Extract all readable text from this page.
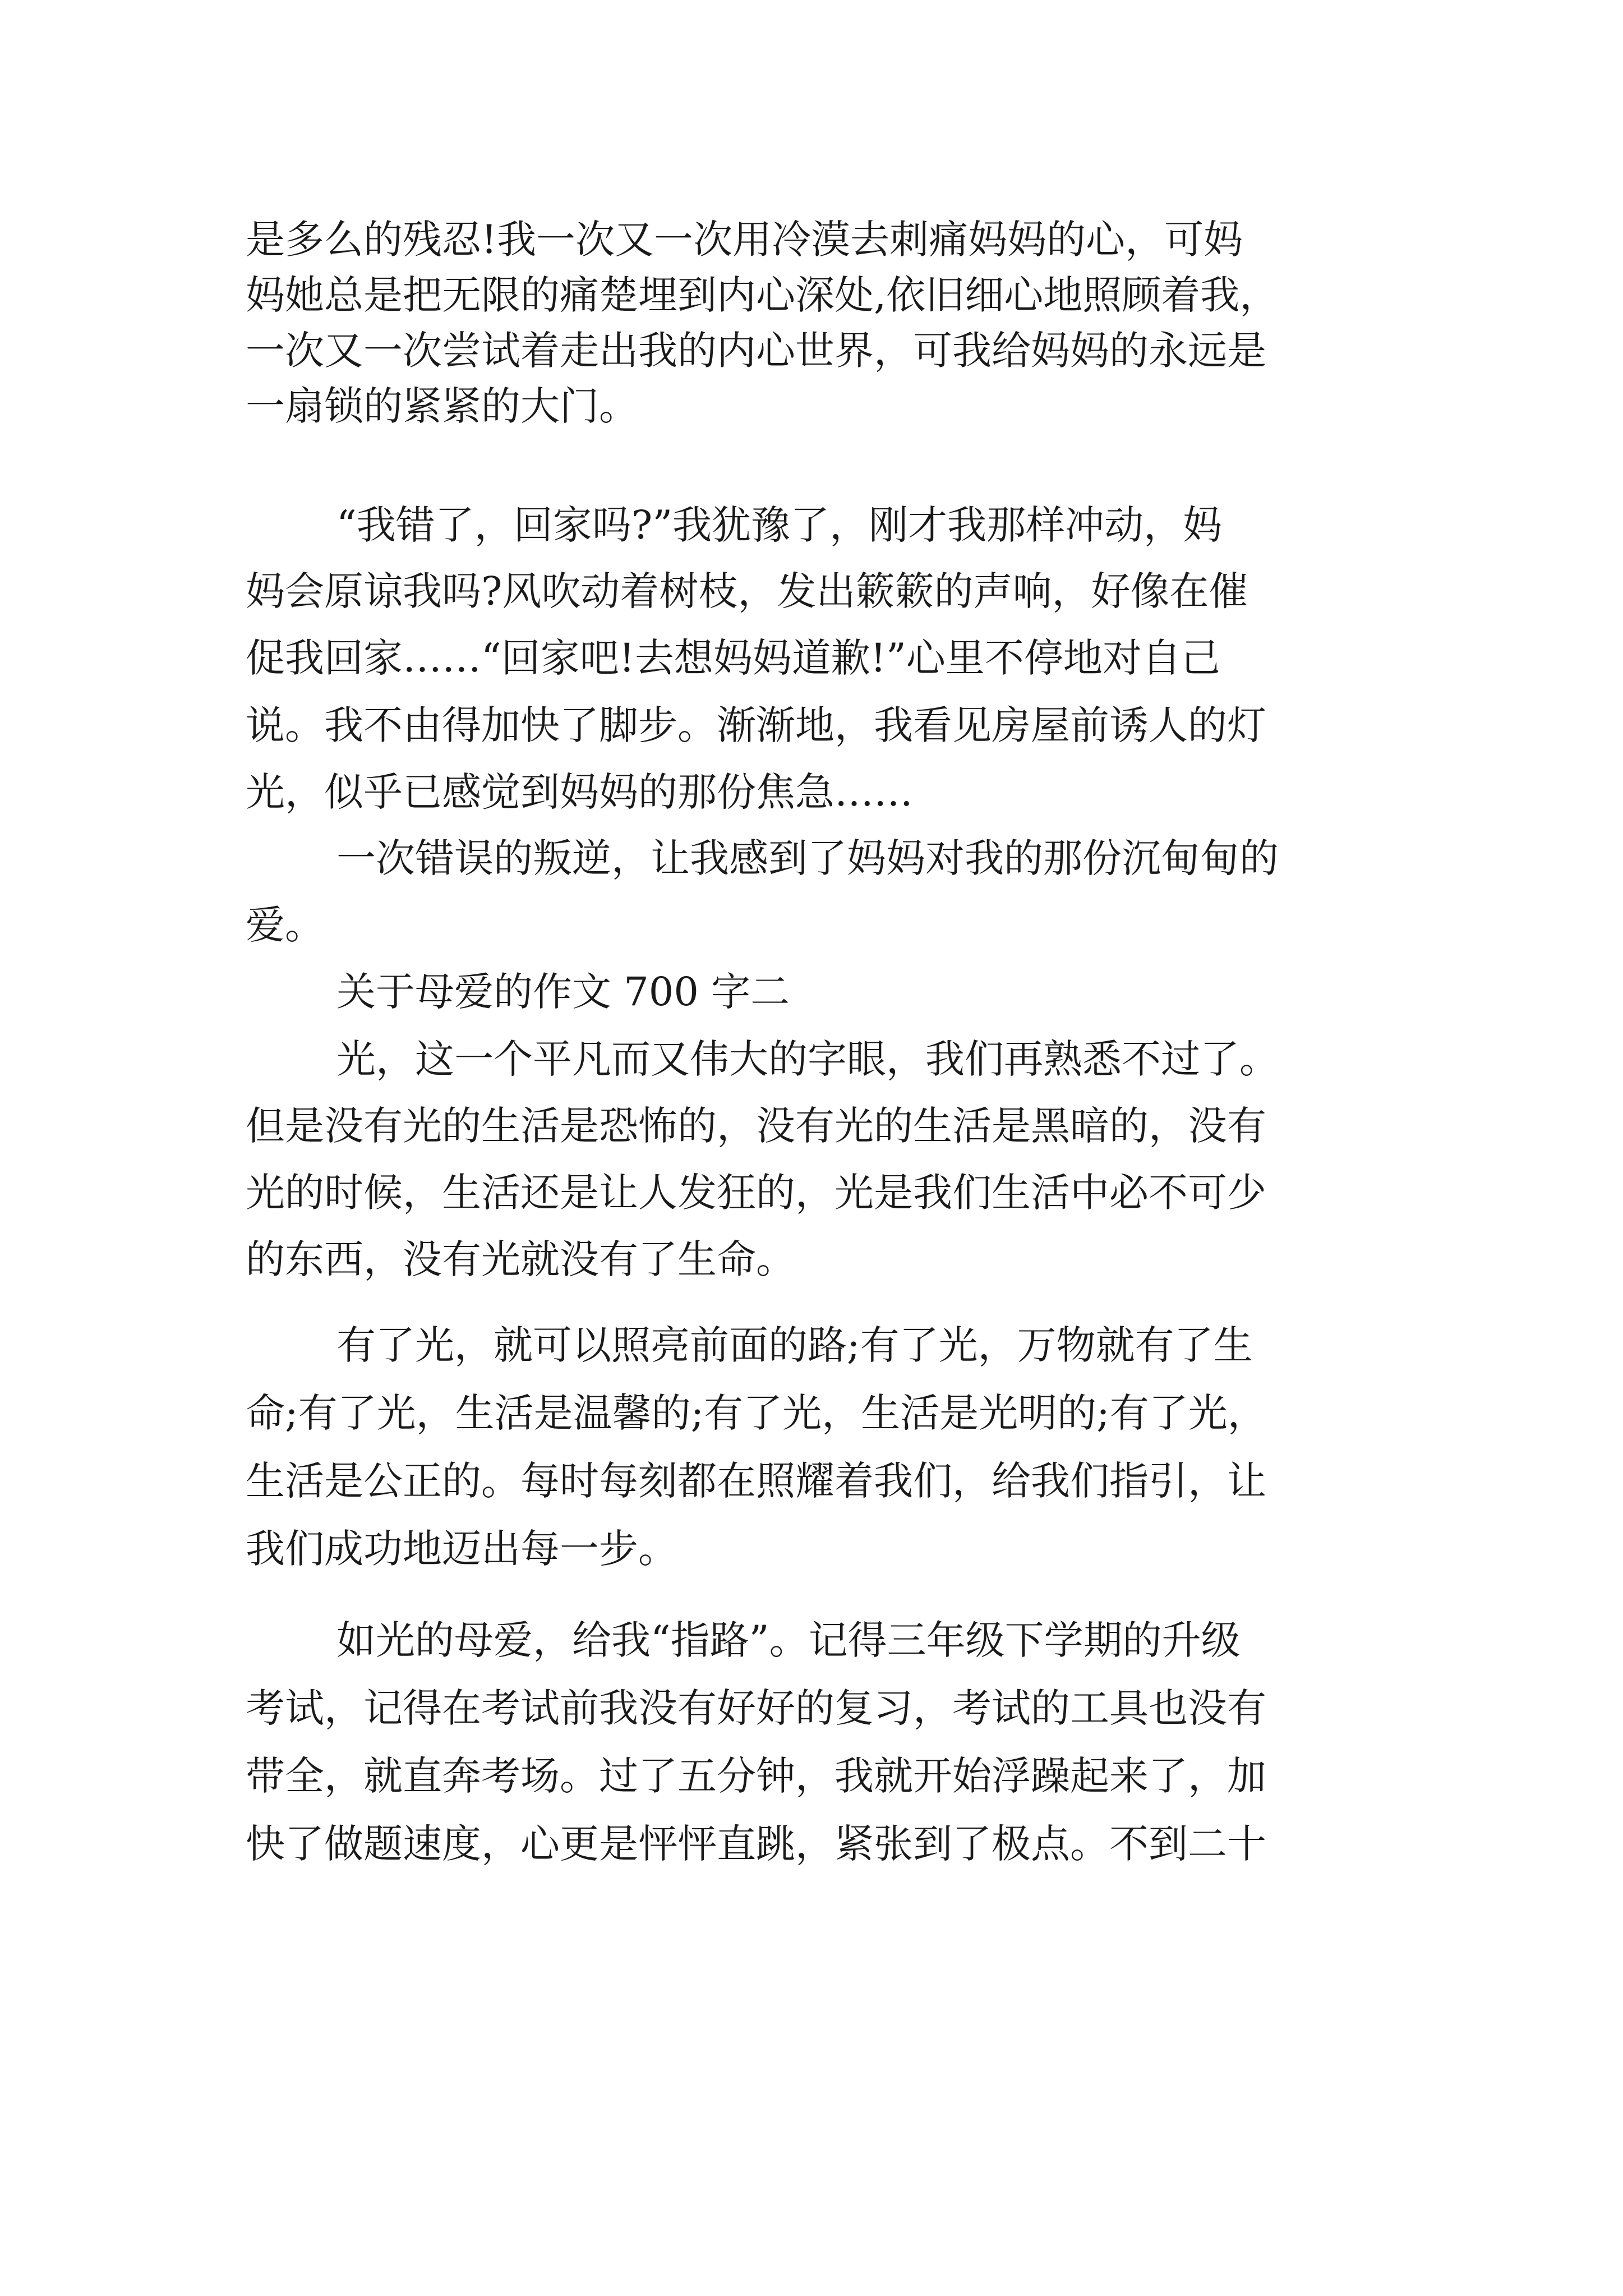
是多么的残忍!我一次又一次用冷漠去刺痛妈妈的心，可妈
妈她总是把无限的痛楚埋到内心深处,依旧细心地照顾着我，
一次又一次尝试着走出我的内心世界，可我给妈妈的永远是
一扇锁的紧紧的大门。
“我错了，回家吗?”我犹豫了，刚才我那样冲动，妈
妈会原谅我吗?风吹动着树枝，发出簌簌的声响，好像在催
促我回家……“回家吧!去想妈妈道歉!”心里不停地对自己
说。我不由得加快了脚步。渐渐地，我看见房屋前诱人的灯
光，似乎已感觉到妈妈的那份焦急……
一次错误的叛逆，让我感到了妈妈对我的那份沉甸甸的
爱。
关于母爱的作文 700 字二
光，这一个平凡而又伟大的字眼，我们再熟悉不过了。
但是没有光的生活是恐怖的，没有光的生活是黑暗的，没有
光的时候，生活还是让人发狂的，光是我们生活中必不可少
的东西，没有光就没有了生命。
有了光，就可以照亮前面的路;有了光，万物就有了生
命;有了光，生活是温馨的;有了光，生活是光明的;有了光，
生活是公正的。每时每刻都在照耀着我们，给我们指引，让
我们成功地迈出每一步。
如光的母爱，给我“指路”。记得三年级下学期的升级
考试，记得在考试前我没有好好的复习，考试的工具也没有
带全，就直奔考场。过了五分钟，我就开始浮躁起来了，加
快了做题速度，心更是怦怦直跳，紧张到了极点。不到二十
